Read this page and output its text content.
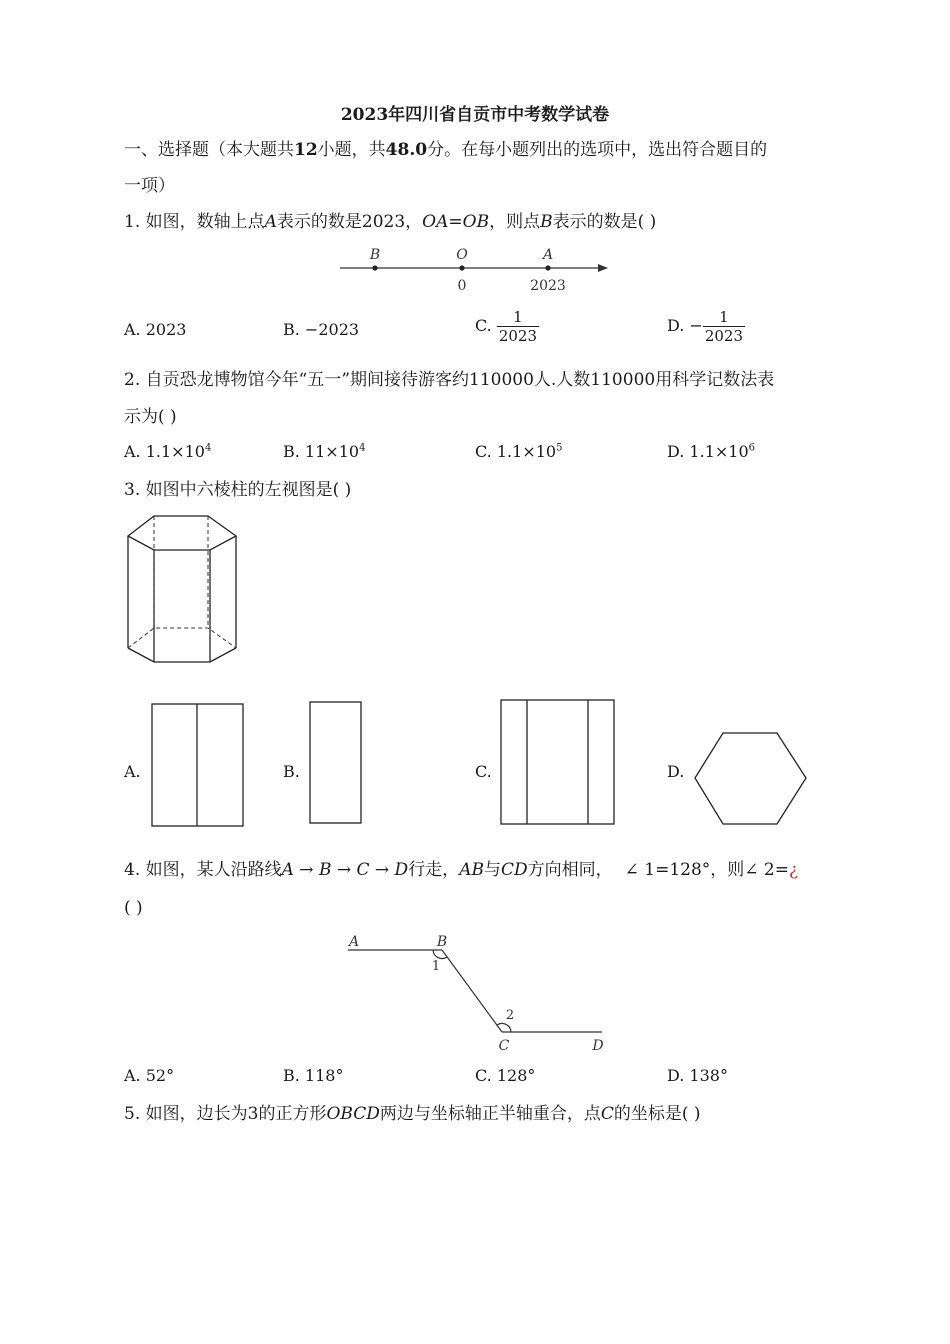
2023年四川省自贡市中考数学试卷
一、选择题（本大题共12小题，共48.0分。在每小题列出的选项中，选出符合题目的
一项）
1. 如图，数轴上点A表示的数是2023，OA=OB，则点B表示的数是( )
B	O	A
0	2023
A. 2023	B. −2023	C. $\frac{1}{2023}$	D. − $\frac{1}{2023}$
2. 自贡恐龙博物馆今年“五一”期间接待游客约110000人.人数110000用科学记数法表
示为( )
A. $1.1\times 10^4$	B. $11\times 10^4$	C. $1.1\times 10^5$	D. $1.1\times 10^6$
3. 如图中六棱柱的左视图是( )
A.	B.	C.	D.
4. 如图，某人沿路线A → B → C → D行走，AB与CD方向相同， ∠ 1=128°，则∠ 2=¿
( )
A	B
1
2
C	D
A. 52°	B. 118°	C. 128°	D. 138°
5. 如图，边长为3的正方形OBCD两边与坐标轴正半轴重合，点C的坐标是( )
